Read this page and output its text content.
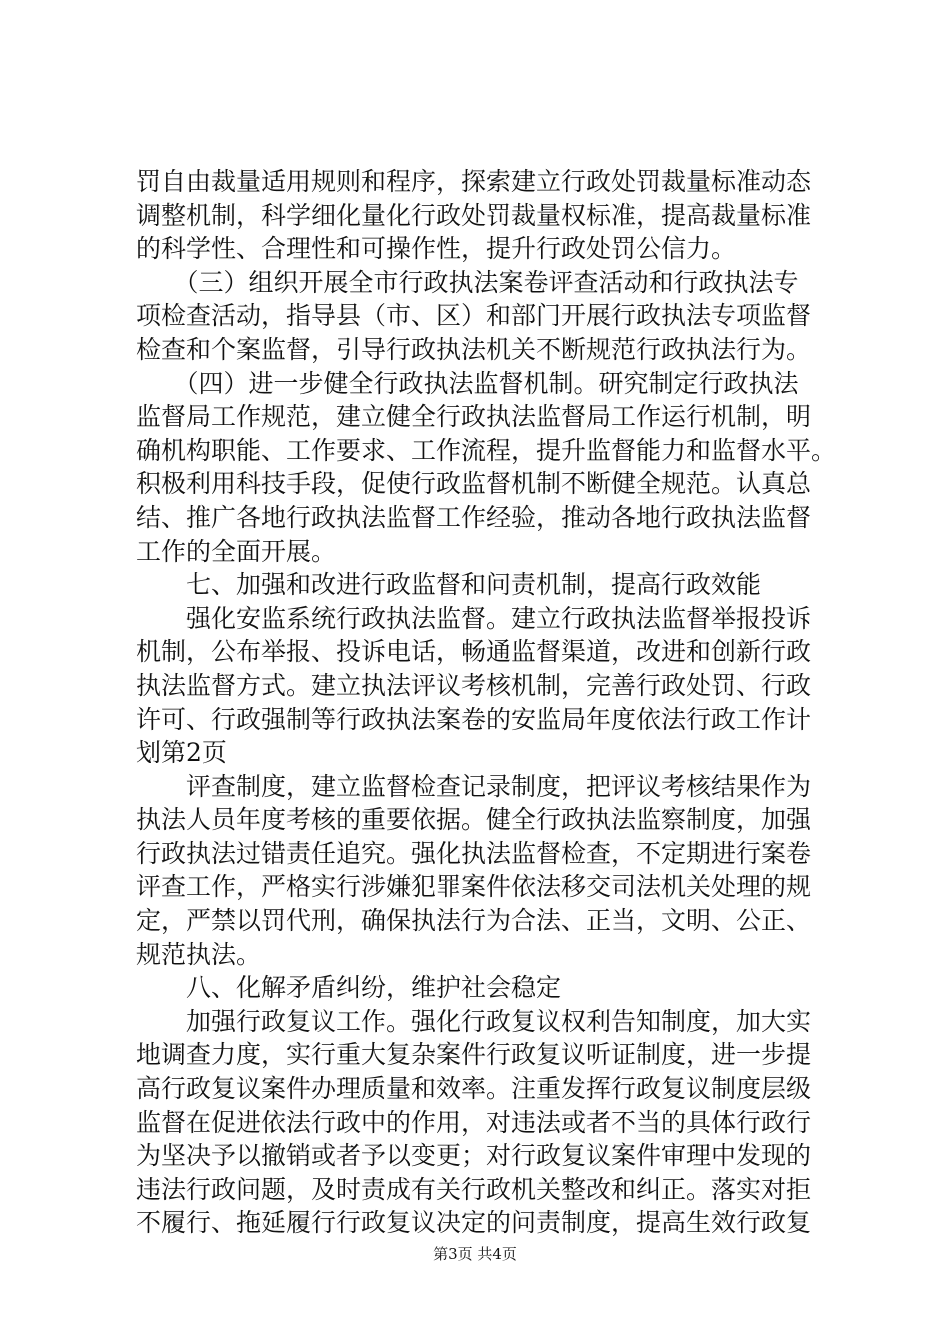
罚自由裁量适用规则和程序，探索建立行政处罚裁量标准动态
调整机制，科学细化量化行政处罚裁量权标准，提高裁量标准
的科学性、合理性和可操作性，提升行政处罚公信力。
　　（三）组织开展全市行政执法案卷评查活动和行政执法专
项检查活动，指导县（市、区）和部门开展行政执法专项监督
检查和个案监督，引导行政执法机关不断规范行政执法行为。
　　（四）进一步健全行政执法监督机制。研究制定行政执法
监督局工作规范，建立健全行政执法监督局工作运行机制，明
确机构职能、工作要求、工作流程，提升监督能力和监督水平。
积极利用科技手段，促使行政监督机制不断健全规范。认真总
结、推广各地行政执法监督工作经验，推动各地行政执法监督
工作的全面开展。
　　七、加强和改进行政监督和问责机制，提高行政效能
　　强化安监系统行政执法监督。建立行政执法监督举报投诉
机制，公布举报、投诉电话，畅通监督渠道，改进和创新行政
执法监督方式。建立执法评议考核机制，完善行政处罚、行政
许可、行政强制等行政执法案卷的安监局年度依法行政工作计
划第2页
　　评查制度，建立监督检查记录制度，把评议考核结果作为
执法人员年度考核的重要依据。健全行政执法监察制度，加强
行政执法过错责任追究。强化执法监督检查，不定期进行案卷
评查工作，严格实行涉嫌犯罪案件依法移交司法机关处理的规
定，严禁以罚代刑，确保执法行为合法、正当，文明、公正、
规范执法。
　　八、化解矛盾纠纷，维护社会稳定
　　加强行政复议工作。强化行政复议权利告知制度，加大实
地调查力度，实行重大复杂案件行政复议听证制度，进一步提
高行政复议案件办理质量和效率。注重发挥行政复议制度层级
监督在促进依法行政中的作用，对违法或者不当的具体行政行
为坚决予以撤销或者予以变更；对行政复议案件审理中发现的
违法行政问题，及时责成有关行政机关整改和纠正。落实对拒
不履行、拖延履行行政复议决定的问责制度，提高生效行政复
第3页 共4页
